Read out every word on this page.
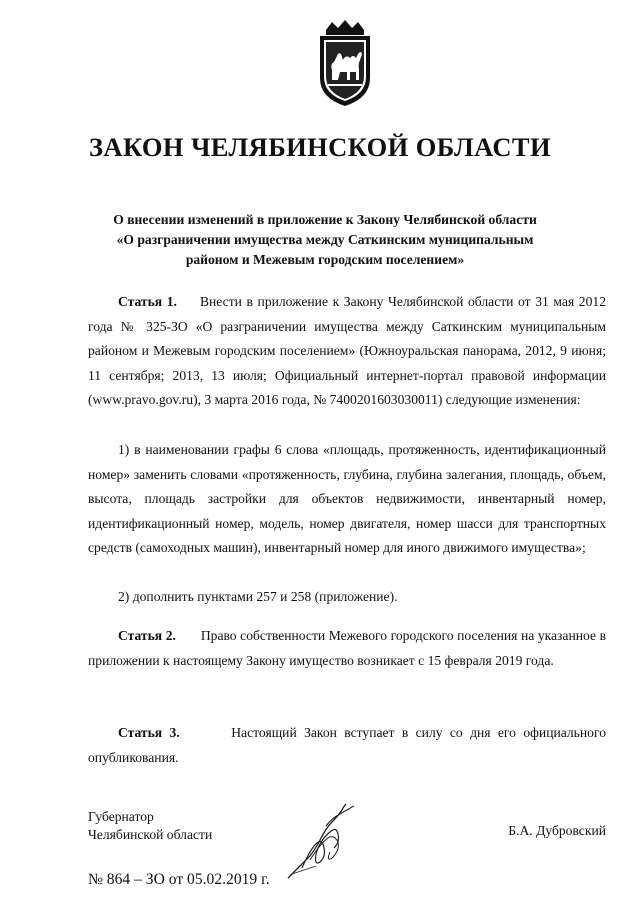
ЗАКОН ЧЕЛЯБИНСКОЙ ОБЛАСТИ
О внесении изменений в приложение к Закону Челябинской области
«О разграничении имущества между Саткинским муниципальным
районом и Межевым городским поселением»

Статья 1. Внести в приложение к Закону Челябинской области от 31 мая 2012 года № 325-ЗО «О разграничении имущества между Саткинским муниципальным районом и Межевым городским поселением» (Южноуральская панорама, 2012, 9 июня; 11 сентября; 2013, 13 июля; Официальный интернет-портал правовой информации (www.pravo.gov.ru), 3 марта 2016 года, № 7400201603030011) следующие изменения:

1) в наименовании графы 6 слова «площадь, протяженность, идентификационный номер» заменить словами «протяженность, глубина, глубина залегания, площадь, объем, высота, площадь застройки для объектов недвижимости, инвентарный номер, идентификационный номер, модель, номер двигателя, номер шасси для транспортных средств (самоходных машин), инвентарный номер для иного движимого имущества»;

2) дополнить пунктами 257 и 258 (приложение).

Статья 2. Право собственности Межевого городского поселения на указанное в приложении к настоящему Закону имущество возникает с 15 февраля 2019 года.

Статья 3.	Настоящий Закон вступает в силу со дня его официального опубликования.

Губернатор
Челябинской области	Б.А. Дубровский
№ 864 – ЗО от 05.02.2019 г.
